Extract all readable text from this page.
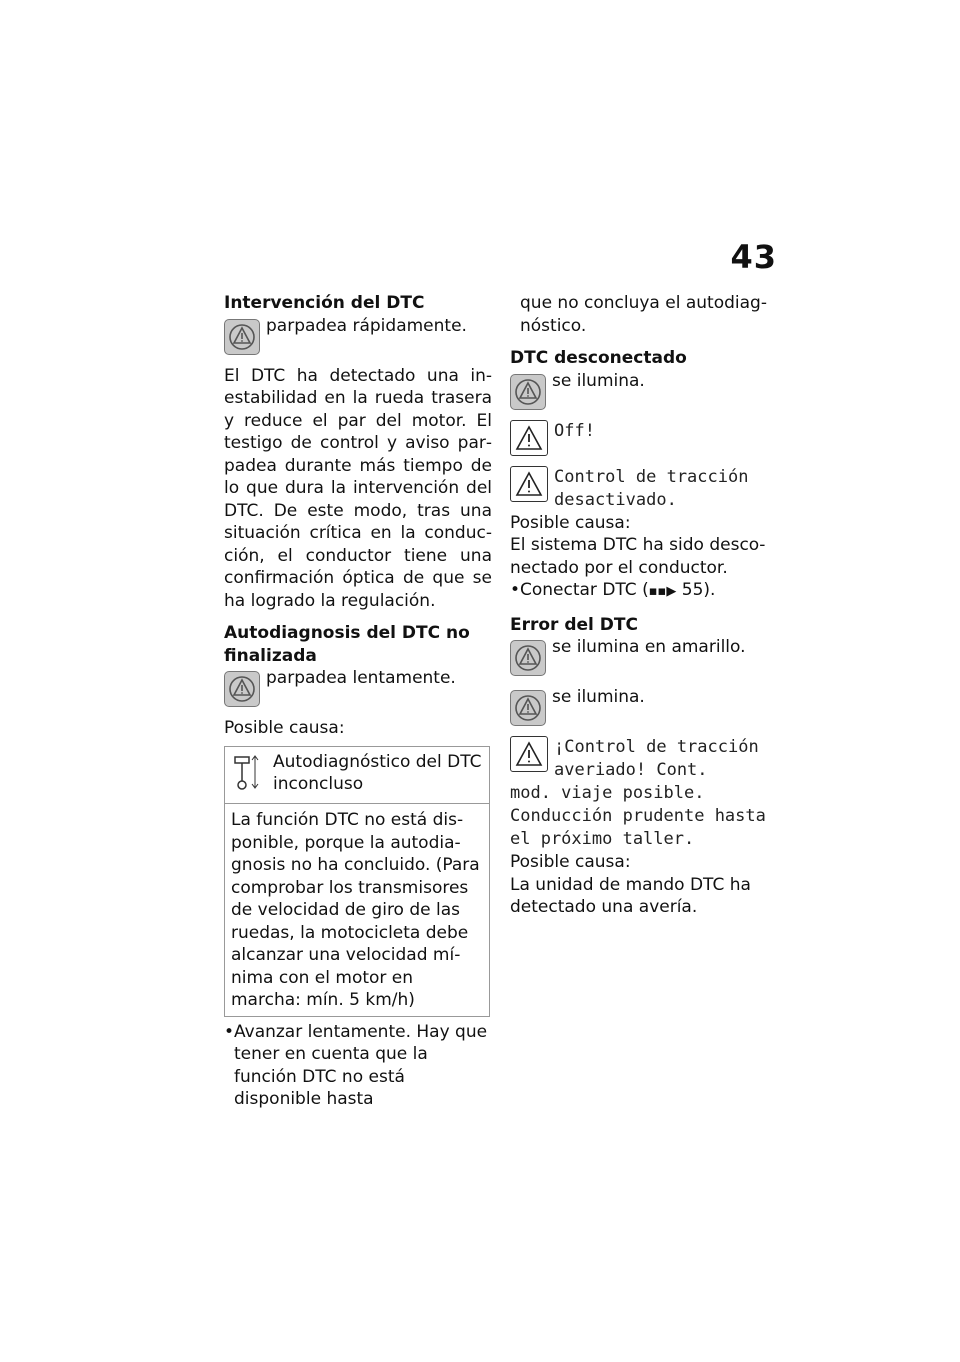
43
Intervención del DTC
parpadea rápidamente.

El DTC ha detectado una inestabilidad en la rueda trasera y reduce el par del motor. El testigo de control y aviso parpadea durante más tiempo de lo que dura la intervención del DTC. De este modo, tras una situación crítica en la conducción, el conductor tiene una confirmación óptica de que se ha logrado la regulación.

Autodiagnosis del DTC no finalizada
parpadea lentamente.

Posible causa:

Autodiagnóstico del DTC inconcluso
La función DTC no está disponible, porque la autodiagnosis no ha concluido. (Para comprobar los transmisores de velocidad de giro de las ruedas, la motocicleta debe alcanzar una velocidad mínima con el motor en marcha: mín. 5 km/h)
• Avanzar lentamente. Hay que tener en cuenta que la función DTC no está disponible hasta

que no concluya el autodiagnóstico.

DTC desconectado
se ilumina.
Off!
Control de tracción desactivado.

Posible causa:

El sistema DTC ha sido desconectado por el conductor.

• Conectar DTC (▪▪▶ 55).
Error del DTC
se ilumina en amarillo.
se ilumina.
¡Control de tracción
averiado! Cont.

mod. viaje posible. Conducción prudente hasta el próximo taller.

Posible causa:

La unidad de mando DTC ha detectado una avería.
